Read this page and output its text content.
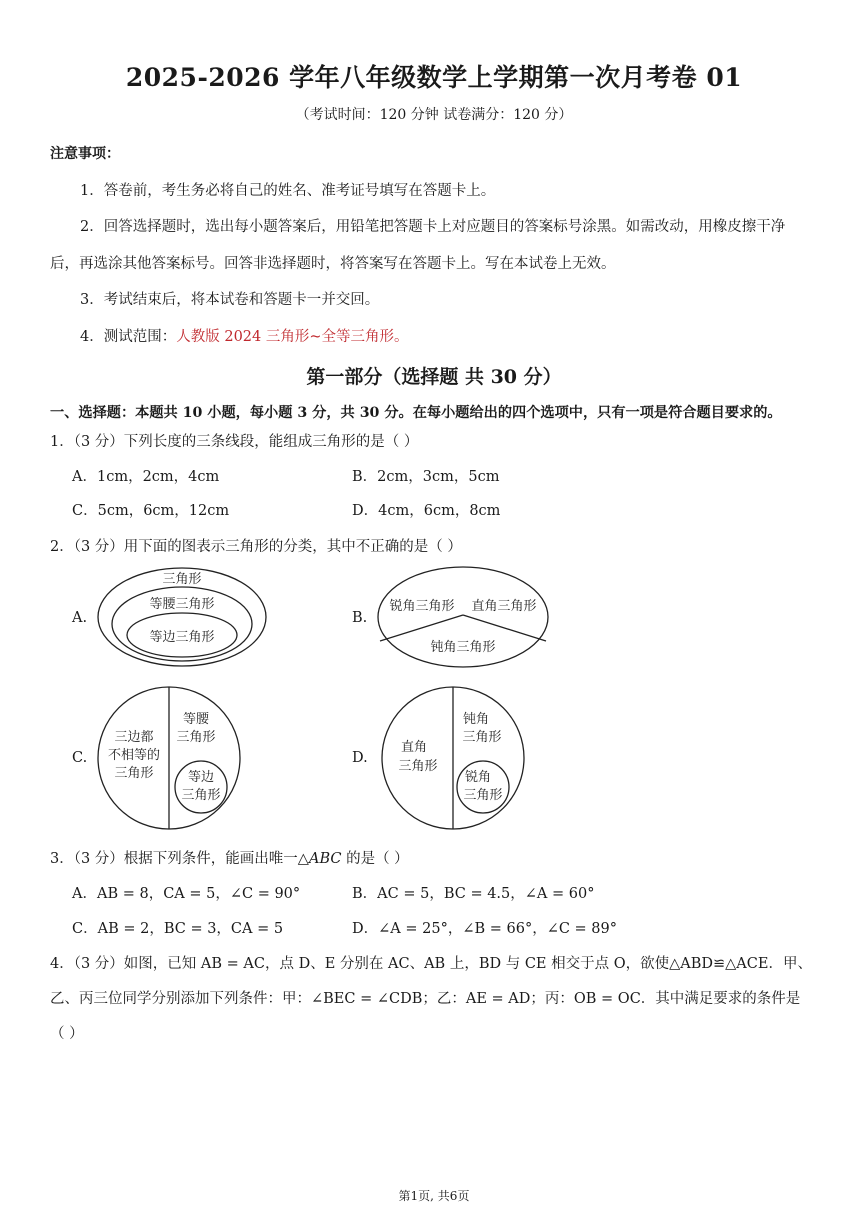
2025-2026 学年八年级数学上学期第一次月考卷 01
（考试时间：120 分钟 试卷满分：120 分）
注意事项：
1．答卷前，考生务必将自己的姓名、准考证号填写在答题卡上。
2．回答选择题时，选出每小题答案后，用铅笔把答题卡上对应题目的答案标号涂黑。如需改动，用橡皮擦干净
后，再选涂其他答案标号。回答非选择题时，将答案写在答题卡上。写在本试卷上无效。
3．考试结束后，将本试卷和答题卡一并交回。
4．测试范围：人教版 2024 三角形~全等三角形。
第一部分（选择题 共 30 分）
一、选择题：本题共 10 小题，每小题 3 分，共 30 分。在每小题给出的四个选项中，只有一项是符合题目要求的。
1．（3 分）下列长度的三条线段，能组成三角形的是（ ）
A．1cm，2cm，4cm	B．2cm，3cm，5cm
C．5cm，6cm，12cm	D．4cm，6cm，8cm
2．（3 分）用下面的图表示三角形的分类，其中不正确的是（ ）
A.
三角形
等腰三角形
等边三角形
B.
锐角三角形 直角三角形
钝角三角形
C.
三边都
不相等的
三角形
等腰
三角形
等边
三角形
D.
直角
三角形
钝角
三角形
锐角
三角形
3．（3 分）根据下列条件，能画出唯一△ABC 的是（ ）
A．AB = 8，CA = 5，∠C = 90°	B．AC = 5，BC = 4.5，∠A = 60°
C．AB = 2，BC = 3，CA = 5	D．∠A = 25°，∠B = 66°，∠C = 89°
4．（3 分）如图，已知 AB = AC，点 D、E 分别在 AC、AB 上，BD 与 CE 相交于点 O，欲使△ABD≌△ACE．甲、
乙、丙三位同学分别添加下列条件：甲：∠BEC = ∠CDB；乙：AE = AD；丙：OB = OC．其中满足要求的条件是
（ ）
第1页, 共6页
